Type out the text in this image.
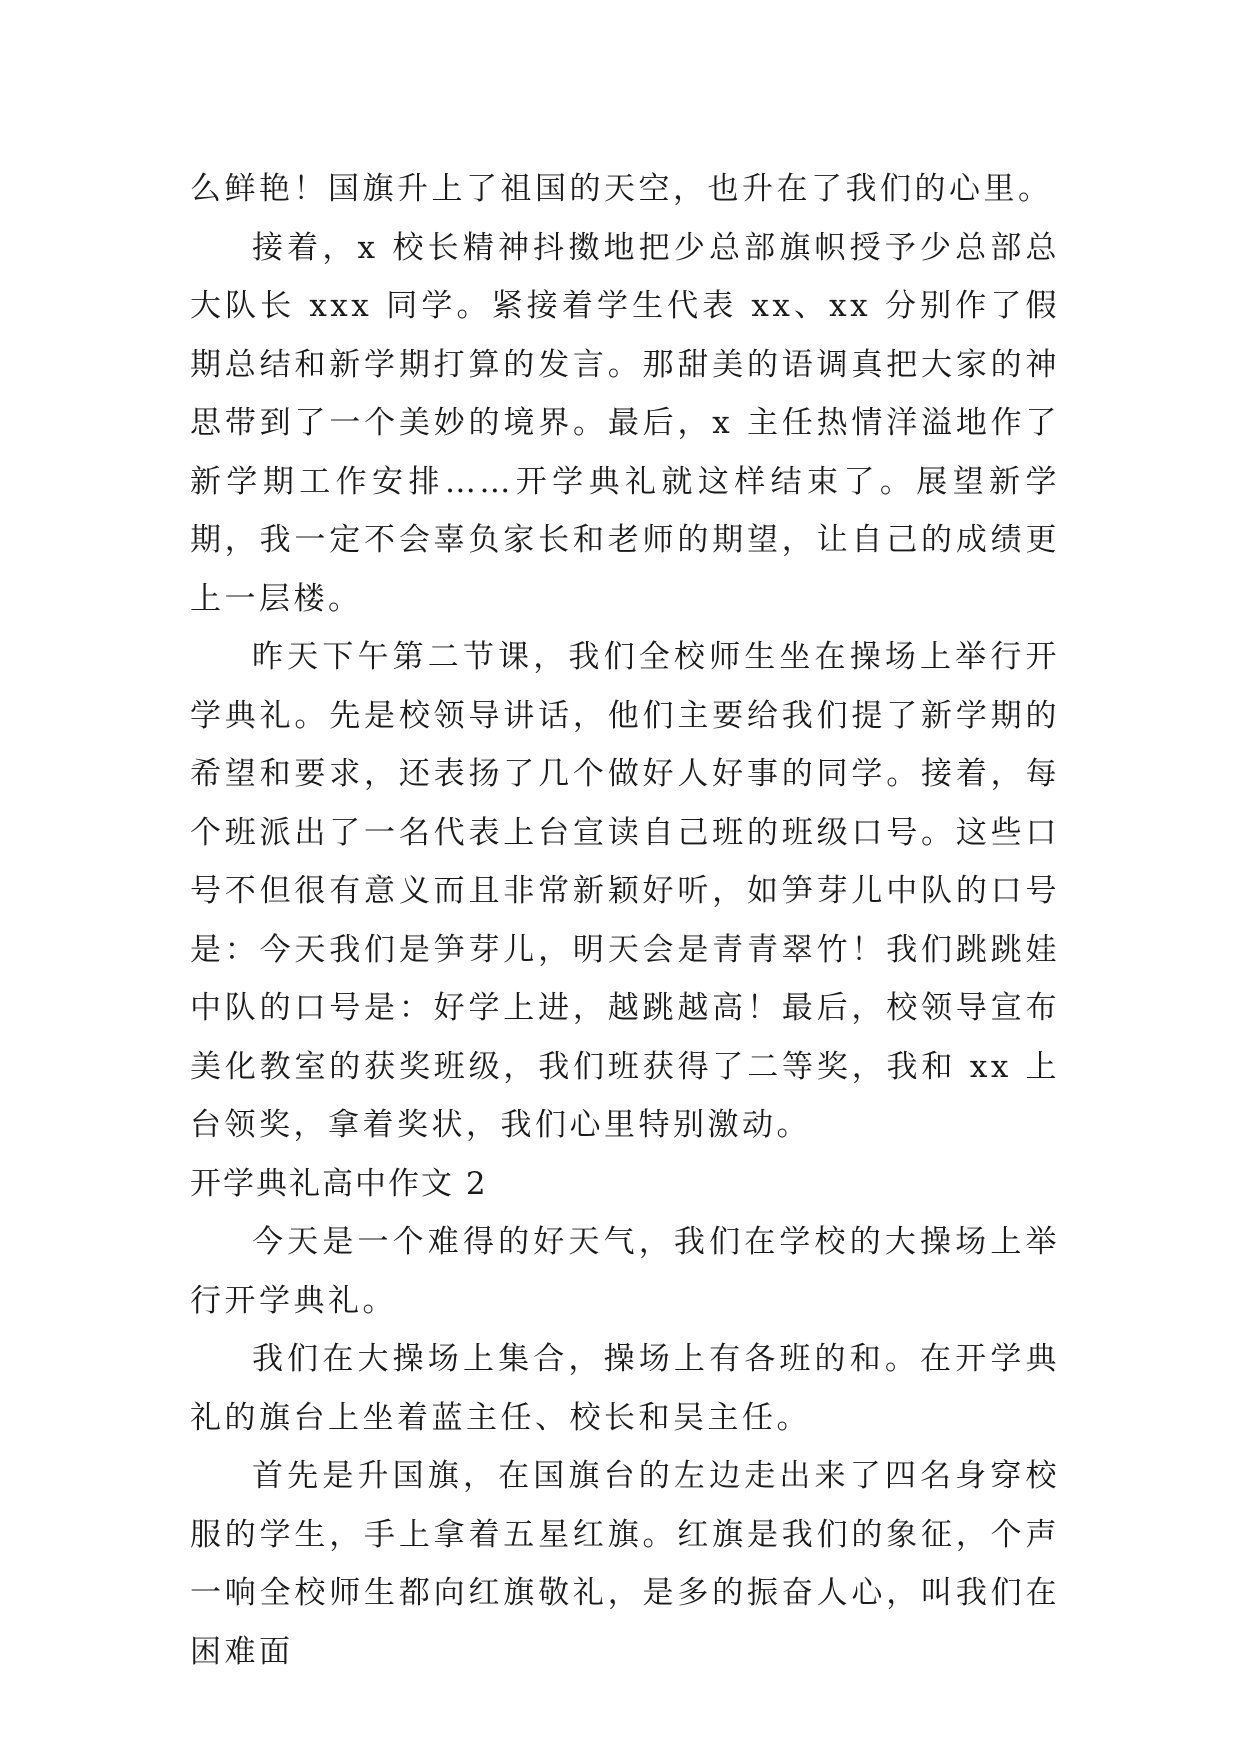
么鲜艳！国旗升上了祖国的天空，也升在了我们的心里。

接着，x 校长精神抖擞地把少总部旗帜授予少总部总大队长 xxx 同学。紧接着学生代表 xx、xx 分别作了假期总结和新学期打算的发言。那甜美的语调真把大家的神思带到了一个美妙的境界。最后，x 主任热情洋溢地作了新学期工作安排……开学典礼就这样结束了。展望新学期，我一定不会辜负家长和老师的期望，让自己的成绩更上一层楼。

昨天下午第二节课，我们全校师生坐在操场上举行开学典礼。先是校领导讲话，他们主要给我们提了新学期的希望和要求，还表扬了几个做好人好事的同学。接着，每个班派出了一名代表上台宣读自己班的班级口号。这些口号不但很有意义而且非常新颖好听，如笋芽儿中队的口号是：今天我们是笋芽儿，明天会是青青翠竹！我们跳跳娃中队的口号是：好学上进，越跳越高！最后，校领导宣布美化教室的获奖班级，我们班获得了二等奖，我和 xx 上台领奖，拿着奖状，我们心里特别激动。

开学典礼高中作文 2

今天是一个难得的好天气，我们在学校的大操场上举行开学典礼。

我们在大操场上集合，操场上有各班的和。在开学典礼的旗台上坐着蓝主任、校长和吴主任。

首先是升国旗，在国旗台的左边走出来了四名身穿校服的学生，手上拿着五星红旗。红旗是我们的象征，个声一响全校师生都向红旗敬礼，是多的振奋人心，叫我们在困难面
